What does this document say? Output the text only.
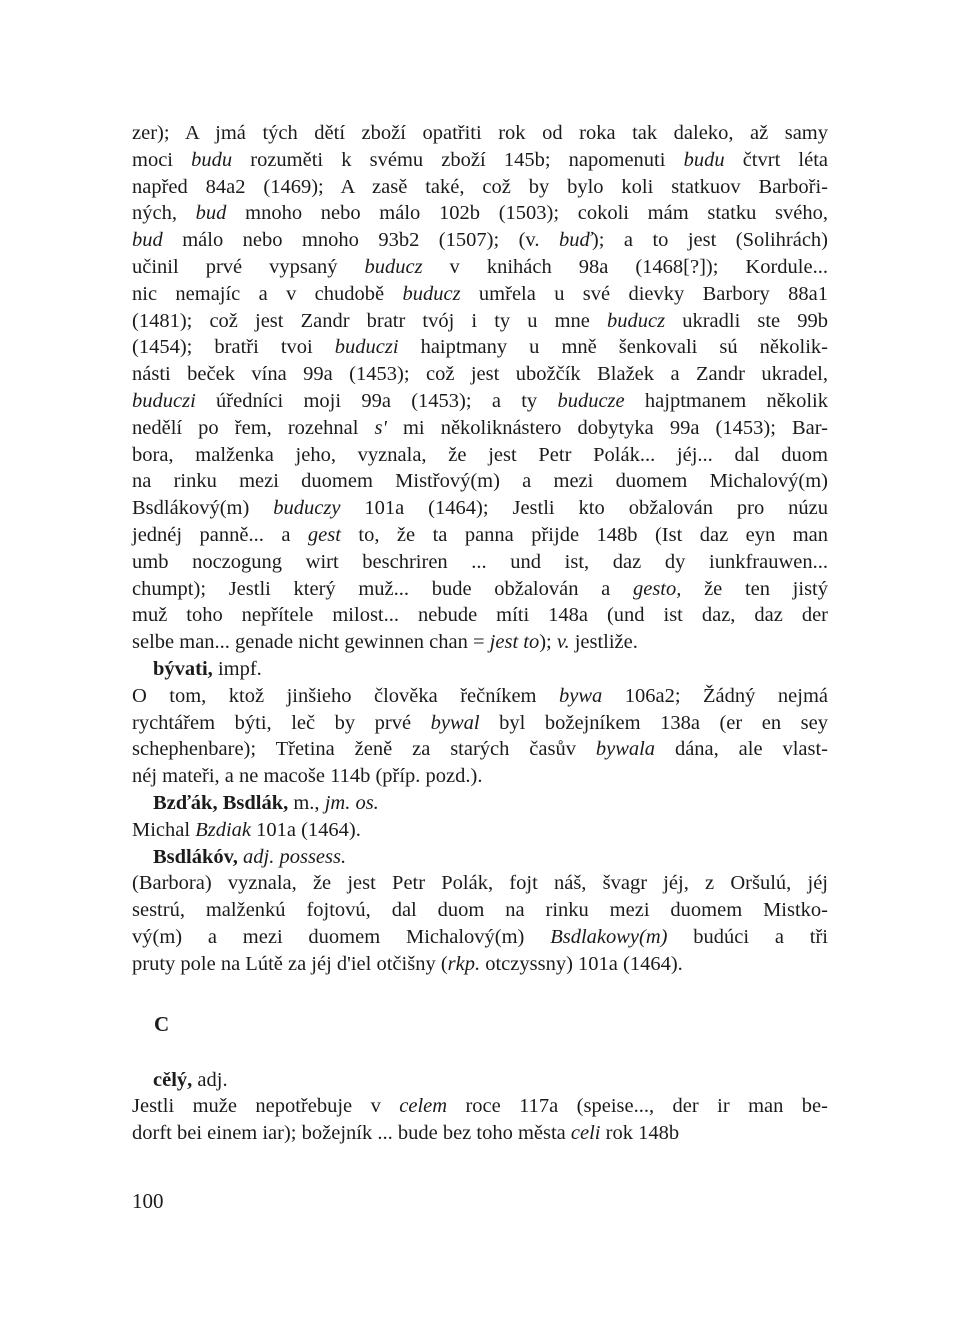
zer); A jmá tých dětí zboží opatřiti rok od roka tak daleko, až samy
moci budu rozuměti k svému zboží 145b; napomenuti budu čtvrt léta
napřed 84a2 (1469); A zasě také, což by bylo koli statkuov Barboři-
ných, bud mnoho nebo málo 102b (1503); cokoli mám statku svého,
bud málo nebo mnoho 93b2 (1507); (v. buď); a to jest (Solihrách)
učinil prvé vypsaný buducz v knihách 98a (1468[?]); Kordule...
nic nemajíc a v chudobě buducz umřela u své dievky Barbory 88a1
(1481); což jest Zandr bratr tvój i ty u mne buducz ukradli ste 99b
(1454); bratři tvoi buduczi haiptmany u mně šenkovali sú několik-
násti beček vína 99a (1453); což jest ubožčík Blažek a Zandr ukradel,
buduczi úředníci moji 99a (1453); a ty buducze hajptmanem několik
nedělí po řem, rozehnal s' mi několiknástero dobytyka 99a (1453); Bar-
bora, malženka jeho, vyznala, že jest Petr Polák... jéj... dal duom
na rinku mezi duomem Mistřový(m) a mezi duomem Michalový(m)
Bsdlákový(m) buduczy 101a (1464); Jestli kto obžalován pro núzu
jednéj panně... a gest to, že ta panna přijde 148b (Ist daz eyn man
umb noczogung wirt beschriren ... und ist, daz dy iunkfrauwen...
chumpt); Jestli který muž... bude obžalován a gesto, že ten jistý
muž toho nepřítele milost... nebude míti 148a (und ist daz, daz der
selbe man... genade nicht gewinnen chan = jest to); v. jestliže.
bývati, impf.
O tom, ktož jinšieho člověka řečníkem bywa 106a2; Žádný nejmá
rychtářem býti, leč by prvé bywal byl božejníkem 138a (er en sey
schephenbare); Třetina ženě za starých časův bywala dána, ale vlast-
néj mateři, a ne macoše 114b (příp. pozd.).
Bzďák, Bsdlák, m., jm. os.
Michal Bzdiak 101a (1464).
Bsdlákóv, adj. possess.
(Barbora) vyznala, že jest Petr Polák, fojt náš, švagr jéj, z Oršulú, jéj
sestrú, malženkú fojtovú, dal duom na rinku mezi duomem Mistko-
vý(m) a mezi duomem Michalový(m) Bsdlakowy(m) budúci a tři
pruty pole na Lútě za jéj d'iel otčišny (rkp. otczyssny) 101a (1464).
C
cělý, adj.
Jestli muže nepotřebuje v celem roce 117a (speise..., der ir man be-
dorft bei einem iar); božejník ... bude bez toho města celi rok 148b
100
